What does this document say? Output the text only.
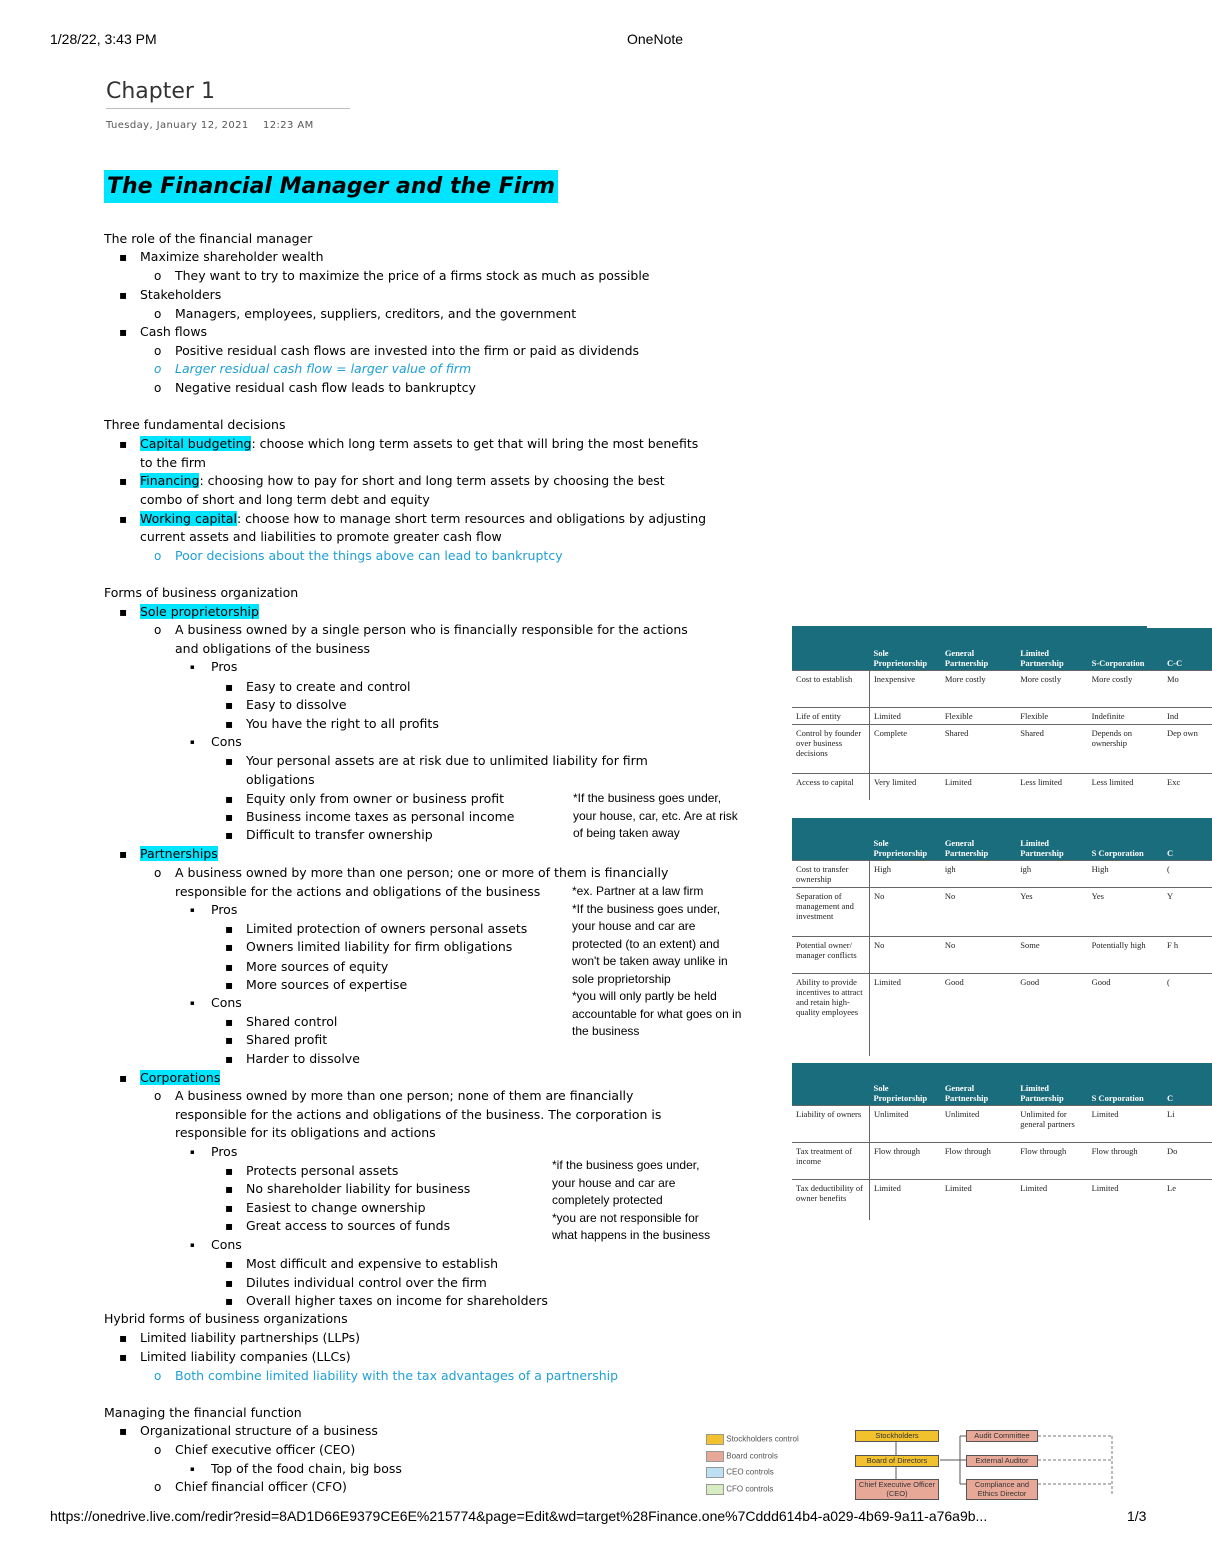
1/28/22, 3:43 PM	OneNote
Chapter 1
Tuesday, January 12, 2021 12:23 AM
The Financial Manager and the Firm
The role of the financial manager
▪ Maximize shareholder wealth
o They want to try to maximize the price of a firms stock as much as possible
▪ Stakeholders
o Managers, employees, suppliers, creditors, and the government
▪ Cash flows
o Positive residual cash flows are invested into the firm or paid as dividends
o Larger residual cash flow = larger value of firm
o Negative residual cash flow leads to bankruptcy
Three fundamental decisions
▪ Capital budgeting: choose which long term assets to get that will bring the most benefits
to the firm
▪ Financing: choosing how to pay for short and long term assets by choosing the best
combo of short and long term debt and equity
▪ Working capital: choose how to manage short term resources and obligations by adjusting
current assets and liabilities to promote greater cash flow
o Poor decisions about the things above can lead to bankruptcy
Forms of business organization
▪ Sole proprietorship
o A business owned by a single person who is financially responsible for the actions
and obligations of the business
▪ Pros
▪ Easy to create and control
▪ Easy to dissolve
▪ You have the right to all profits
▪ Cons
▪ Your personal assets are at risk due to unlimited liability for firm
obligations
▪ Equity only from owner or business profit
▪ Business income taxes as personal income
▪ Difficult to transfer ownership
*If the business goes under,
your house, car, etc. Are at risk
of being taken away
▪ Partnerships
o A business owned by more than one person; one or more of them is financially
responsible for the actions and obligations of the business
▪ Pros
▪ Limited protection of owners personal assets
▪ Owners limited liability for firm obligations
▪ More sources of equity
▪ More sources of expertise
▪ Cons
▪ Shared control
▪ Shared profit
▪ Harder to dissolve
*ex. Partner at a law firm
*If the business goes under,
your house and car are
protected (to an extent) and
won't be taken away unlike in
sole proprietorship
*you will only partly be held
accountable for what goes on in
the business
▪ Corporations
o A business owned by more than one person; none of them are financially
responsible for the actions and obligations of the business. The corporation is
responsible for its obligations and actions
▪ Pros
▪ Protects personal assets
▪ No shareholder liability for business
▪ Easiest to change ownership
▪ Great access to sources of funds
▪ Cons
▪ Most difficult and expensive to establish
▪ Dilutes individual control over the firm
▪ Overall higher taxes on income for shareholders
*if the business goes under,
your house and car are
completely protected
*you are not responsible for
what happens in the business
Hybrid forms of business organizations
▪ Limited liability partnerships (LLPs)
▪ Limited liability companies (LLCs)
o Both combine limited liability with the tax advantages of a partnership
Managing the financial function
▪ Organizational structure of a business
o Chief executive officer (CEO)
▪ Top of the food chain, big boss
o Chief financial officer (CFO)
	Sole Proprietorship	General Partnership	Limited Partnership	S-Corporation	C-C
Cost to establish	Inexpensive	More costly	More costly	More costly	Mo
Life of entity	Limited	Flexible	Flexible	Indefinite	Ind
Control by founder over business decisions	Complete	Shared	Shared	Depends on ownership	Dep own
Access to capital	Very limited	Limited	Less limited	Less limited	Exc
	Sole Proprietorship	General Partnership	Limited Partnership	S Corporation	C
Cost to transfer ownership	High	igh	igh	High	(
Separation of management and investment	No	No	Yes	Yes	Y
Potential owner/ manager conflicts	No	No	Some	Potentially high	F h
Ability to provide incentives to attract and retain high-quality employees	Limited	Good	Good	Good	(
	Sole Proprietorship	General Partnership	Limited Partnership	S Corporation	C
Liability of owners	Unlimited	Unlimited	Unlimited for general partners	Limited	Li
Tax treatment of income	Flow through	Flow through	Flow through	Flow through	Do
Tax deductibility of owner benefits	Limited	Limited	Limited	Limited	Le
Stockholders control
Board controls
CEO controls
CFO controls
Stockholders
Board of Directors
Chief Executive Officer (CEO)
Audit Committee
External Auditor
Compliance and Ethics Director
https://onedrive.live.com/redir?resid=8AD1D66E9379CE6E%215774&page=Edit&wd=target%28Finance.one%7Cddd614b4-a029-4b69-9a11-a76a9b...	1/3
